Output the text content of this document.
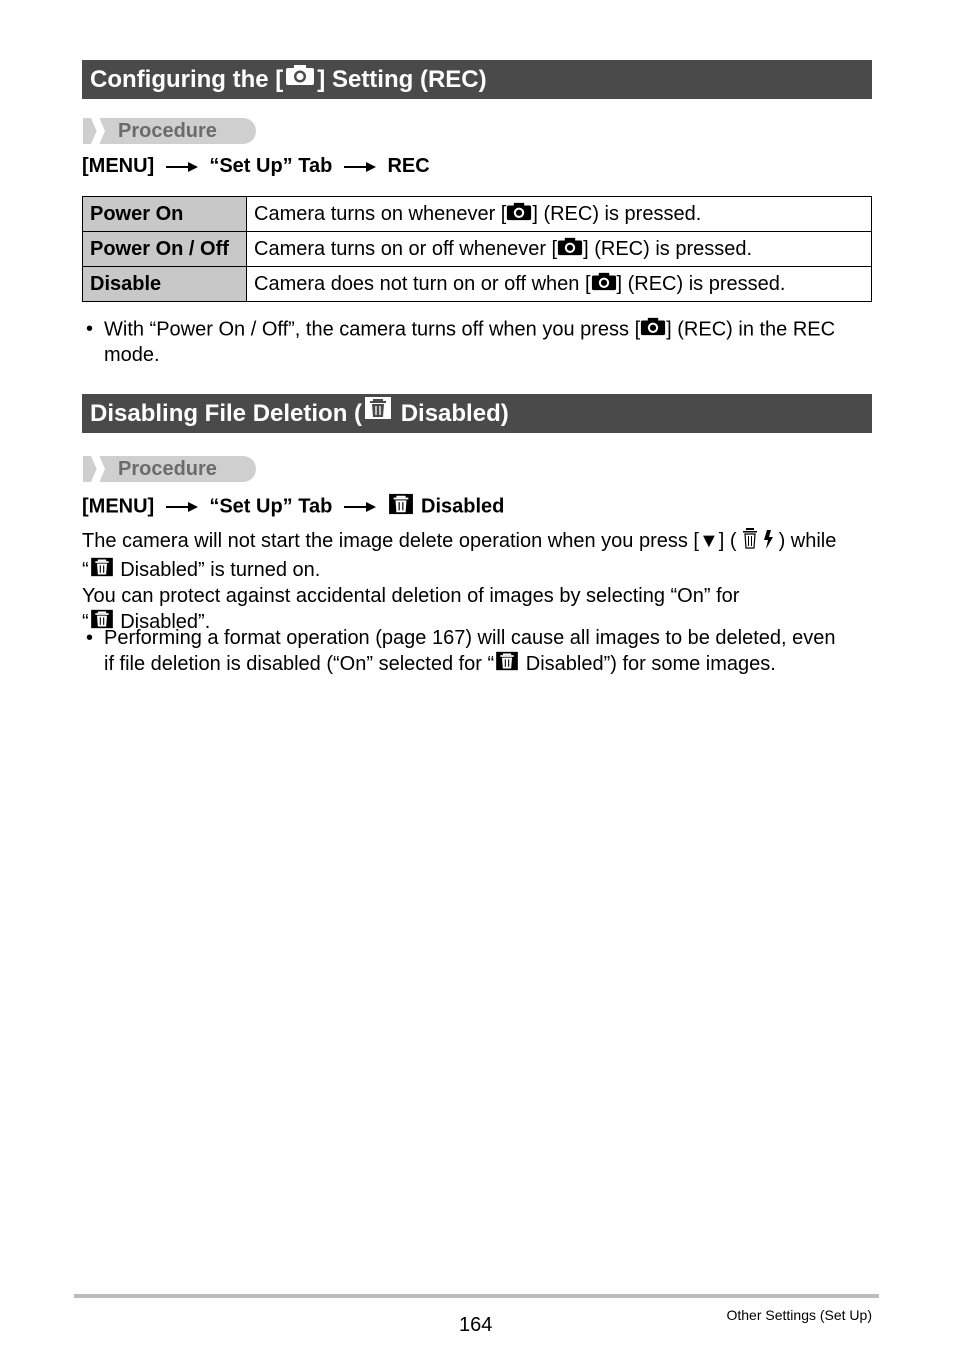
Configuring the [ ] Setting (REC)
Procedure
[MENU]	“Set Up” Tab	REC
Power On	Camera turns on whenever [ ] (REC) is pressed.
Power On / Off	Camera turns on or off whenever [ ] (REC) is pressed.
Disable	Camera does not turn on or off when [ ] (REC) is pressed.
• With “Power On / Off”, the camera turns off when you press [ ] (REC) in the REC
mode.
Disabling File Deletion ( Disabled)
Procedure
[MENU]	“Set Up” Tab	Disabled
The camera will not start the image delete operation when you press [▼] ( ) while
“ Disabled” is turned on.
You can protect against accidental deletion of images by selecting “On” for
“ Disabled”.
• Performing a format operation (page 167) will cause all images to be deleted, even
if file deletion is disabled (“On” selected for “ Disabled”) for some images.
164	Other Settings (Set Up)
